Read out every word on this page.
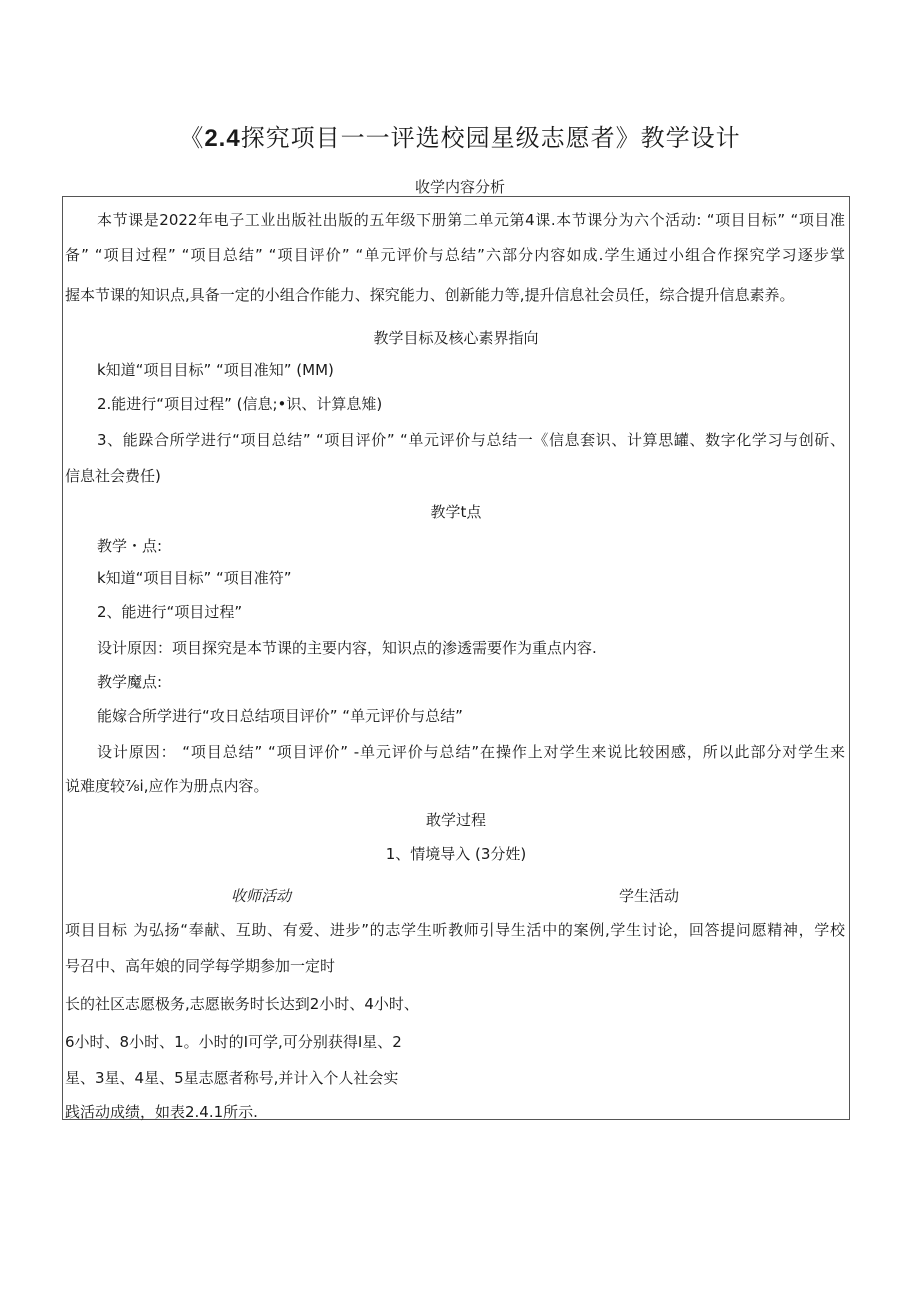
《2.4探究项目一一评选校园星级志愿者》教学设计
收学内容分析
本节课是2022年电子工业出版社出版的五年级下册第二单元第4课.本节课分为六个活动: “项目目标” “项目准
备” “项目过程” “项目总结” “项目评价” “单元评价与总结”六部分内容如成.学生通过小组合作探究学习逐步掌
握本节课的知识点,具备一定的小组合作能力、探究能力、创新能力等,提升信息社会员任，综合提升信息素养。
教学目标及核心素界指向
k知道“项目目标” “项目准知” (MM)
2.能进行“项目过程” (信息;•识、计算息雉)
3、能跺合所学进行“项目总结” “项目评价” “单元评价与总结一《信息套识、计算思罐、数字化学习与创斫、
信息社会费任)
教学t点
教学・点:
k知道“项目目标” “项目准符”
2、能进行“项目过程”
设计原因：项目探究是本节课的主要内容，知识点的渗透需要作为重点内容.
教学魔点:
能嫁合所学进行“攻日总结项目评价” “单元评价与总结”
设计原因： “项目总结” “项目评价” -单元评价与总结”在操作上对学生来说比较困感，所以此部分对学生来
说难度较⅞i,应作为册点内容。
敢学过程
1、情境导入 (3分姓)
收师活动	学生活动
项目目标 为弘扬“奉献、互助、有爱、进步”的志学生听教师引导生活中的案例,学生讨论，回答提问愿精神，学校
号召中、高年娘的同学每学期参加一定时
长的社区志愿极务,志愿嵌务时长达到2小时、4小时、
6小时、8小时、1。小时的I可学,可分别获得I星、2
星、3星、4星、5星志愿者称号,并计入个人社会实
践活动成绩，如表2.4.1所示.
